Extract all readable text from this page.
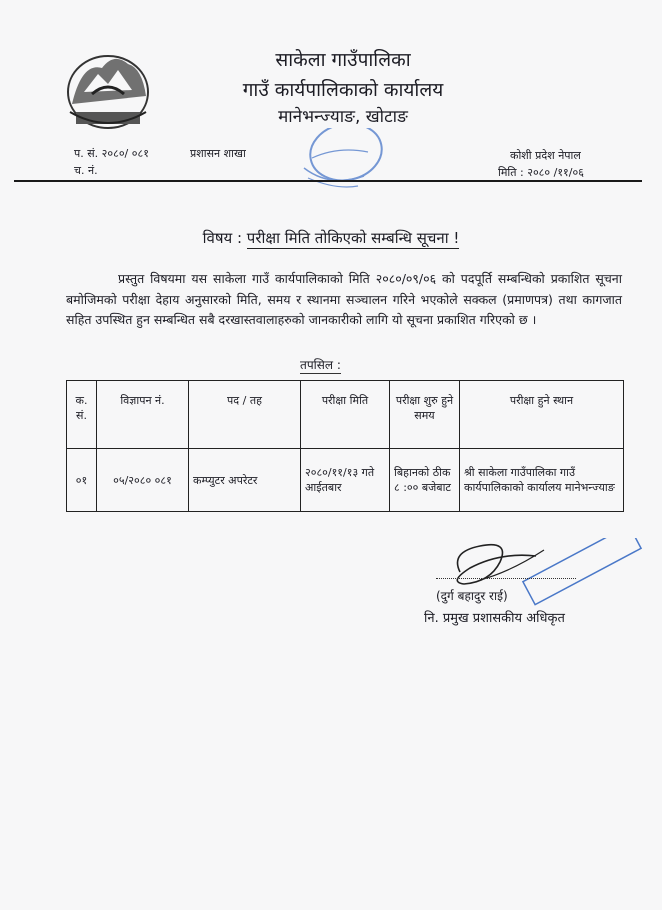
साकेला गाउँपालिका
गाउँ कार्यपालिकाको कार्यालय
मानेभन्ज्याङ, खोटाङ
प. सं. २०८०/ ०८१	प्रशासन शाखा
च. नं.
कोशी प्रदेश नेपाल
मिति : २०८० /११/०६
विषय : परीक्षा मिति तोकिएको सम्बन्धि सूचना !

प्रस्तुत विषयमा यस साकेला गाउँ कार्यपालिकाको मिति २०८०/०९/०६ को पदपूर्ति सम्बन्धिको प्रकाशित सूचना बमोजिमको परीक्षा देहाय अनुसारको मिति, समय र स्थानमा सञ्चालन गरिने भएकोले सक्कल (प्रमाणपत्र) तथा कागजात सहित उपस्थित हुन सम्बन्धित सबै दरखास्तवालाहरुको जानकारीको लागि यो सूचना प्रकाशित गरिएको छ ।

तपसिल :
क. सं.	विज्ञापन नं.	पद / तह	परीक्षा मिति	परीक्षा शुरु हुने समय	परीक्षा हुने स्थान
०१	०५/२०८० ०८१	कम्प्युटर अपरेटर	२०८०/११/१३ गते आईतबार	बिहानको ठीक ८ :०० बजेबाट	श्री साकेला गाउँपालिका गाउँ कार्यपालिकाको कार्यालय मानेभन्ज्याङ
(दुर्ग बहादुर राई)
नि. प्रमुख प्रशासकीय अधिकृत
